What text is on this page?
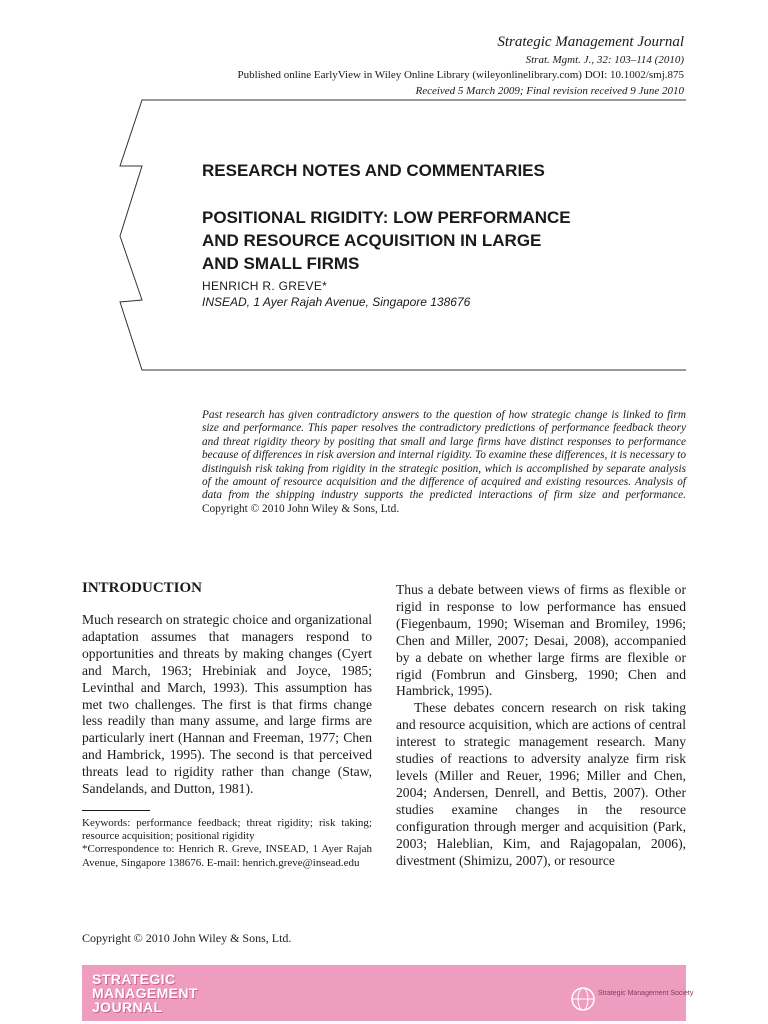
Strategic Management Journal
Strat. Mgmt. J., 32: 103–114 (2010)
Published online EarlyView in Wiley Online Library (wileyonlinelibrary.com) DOI: 10.1002/smj.875
Received 5 March 2009; Final revision received 9 June 2010
RESEARCH NOTES AND COMMENTARIES
POSITIONAL RIGIDITY: LOW PERFORMANCE
AND RESOURCE ACQUISITION IN LARGE
AND SMALL FIRMS
HENRICH R. GREVE*
INSEAD, 1 Ayer Rajah Avenue, Singapore 138676
Past research has given contradictory answers to the question of how strategic change is linked to firm size and performance. This paper resolves the contradictory predictions of performance feedback theory and threat rigidity theory by positing that small and large firms have distinct responses to performance because of differences in risk aversion and internal rigidity. To examine these differences, it is necessary to distinguish risk taking from rigidity in the strategic position, which is accomplished by separate analysis of the amount of resource acquisition and the difference of acquired and existing resources. Analysis of data from the shipping industry supports the predicted interactions of firm size and performance. Copyright © 2010 John Wiley & Sons, Ltd.
INTRODUCTION

Much research on strategic choice and organizational adaptation assumes that managers respond to opportunities and threats by making changes (Cyert and March, 1963; Hrebiniak and Joyce, 1985; Levinthal and March, 1993). This assumption has met two challenges. The first is that firms change less readily than many assume, and large firms are particularly inert (Hannan and Freeman, 1977; Chen and Hambrick, 1995). The second is that perceived threats lead to rigidity rather than change (Staw, Sandelands, and Dutton, 1981).

Thus a debate between views of firms as flexible or rigid in response to low performance has ensued (Fiegenbaum, 1990; Wiseman and Bromiley, 1996; Chen and Miller, 2007; Desai, 2008), accompanied by a debate on whether large firms are flexible or rigid (Fombrun and Ginsberg, 1990; Chen and Hambrick, 1995).

These debates concern research on risk taking and resource acquisition, which are actions of central interest to strategic management research. Many studies of reactions to adversity analyze firm risk levels (Miller and Reuer, 1996; Miller and Chen, 2004; Andersen, Denrell, and Bettis, 2007). Other studies examine changes in the resource configuration through merger and acquisition (Park, 2003; Haleblian, Kim, and Rajagopalan, 2006), divestment (Shimizu, 2007), or resource

Keywords: performance feedback; threat rigidity; risk taking; resource acquisition; positional rigidity

*Correspondence to: Henrich R. Greve, INSEAD, 1 Ayer Rajah Avenue, Singapore 138676. E-mail: henrich.greve@insead.edu

Copyright © 2010 John Wiley & Sons, Ltd.
STRATEGIC
MANAGEMENT
JOURNAL
Strategic Management Society
